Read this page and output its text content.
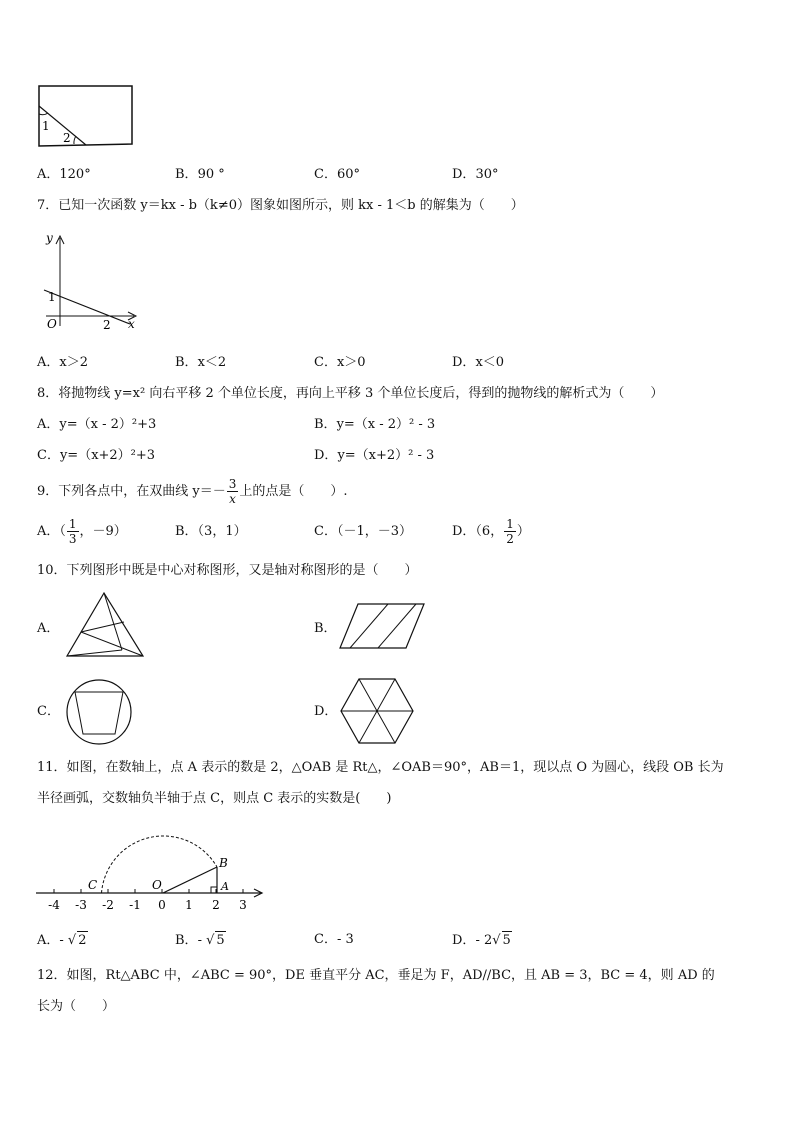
1
2
A．120°	B．90 °	C．60°	D．30°
7．已知一次函数 y＝kx - b（k≠0）图象如图所示，则 kx - 1＜b 的解集为（　　）
y
x
O
1
2
A．x＞2	B．x＜2	C．x＞0	D．x＜0
8．将抛物线 y=x² 向右平移 2 个单位长度，再向上平移 3 个单位长度后，得到的抛物线的解析式为（　　）
A．y=（x - 2）²+3	B．y=（x - 2）² - 3
C．y=（x+2）²+3	D．y=（x+2）² - 3
9．下列各点中，在双曲线 $y=- \frac{3}{x}$ 上的点是（　　）.
A．（ $\frac{1}{3}$ ，－9）	B．（3，1）	C．（－1，－3）	D．（6， $\frac{1}{2}$ ）
10．下列图形中既是中心对称图形，又是轴对称图形的是（　　）
A．	B．
C．	D．
11．如图，在数轴上，点 A 表示的数是 2，△OAB 是 Rt△，∠OAB＝90°，AB＝1，现以点 O 为圆心，线段 OB 长为
半径画弧，交数轴负半轴于点 C，则点 C 表示的实数是(　　)
C	O	A
B
-4 -3 -2 -1 0 1 2 3
A．- √ 2	B．- √ 5	C．- 3	D．- 2√ 5
12．如图，Rt△ABC 中，∠ABC = 90°，DE 垂直平分 AC，垂足为 F，AD//BC，且 AB = 3，BC = 4，则 AD 的
长为（　　）
